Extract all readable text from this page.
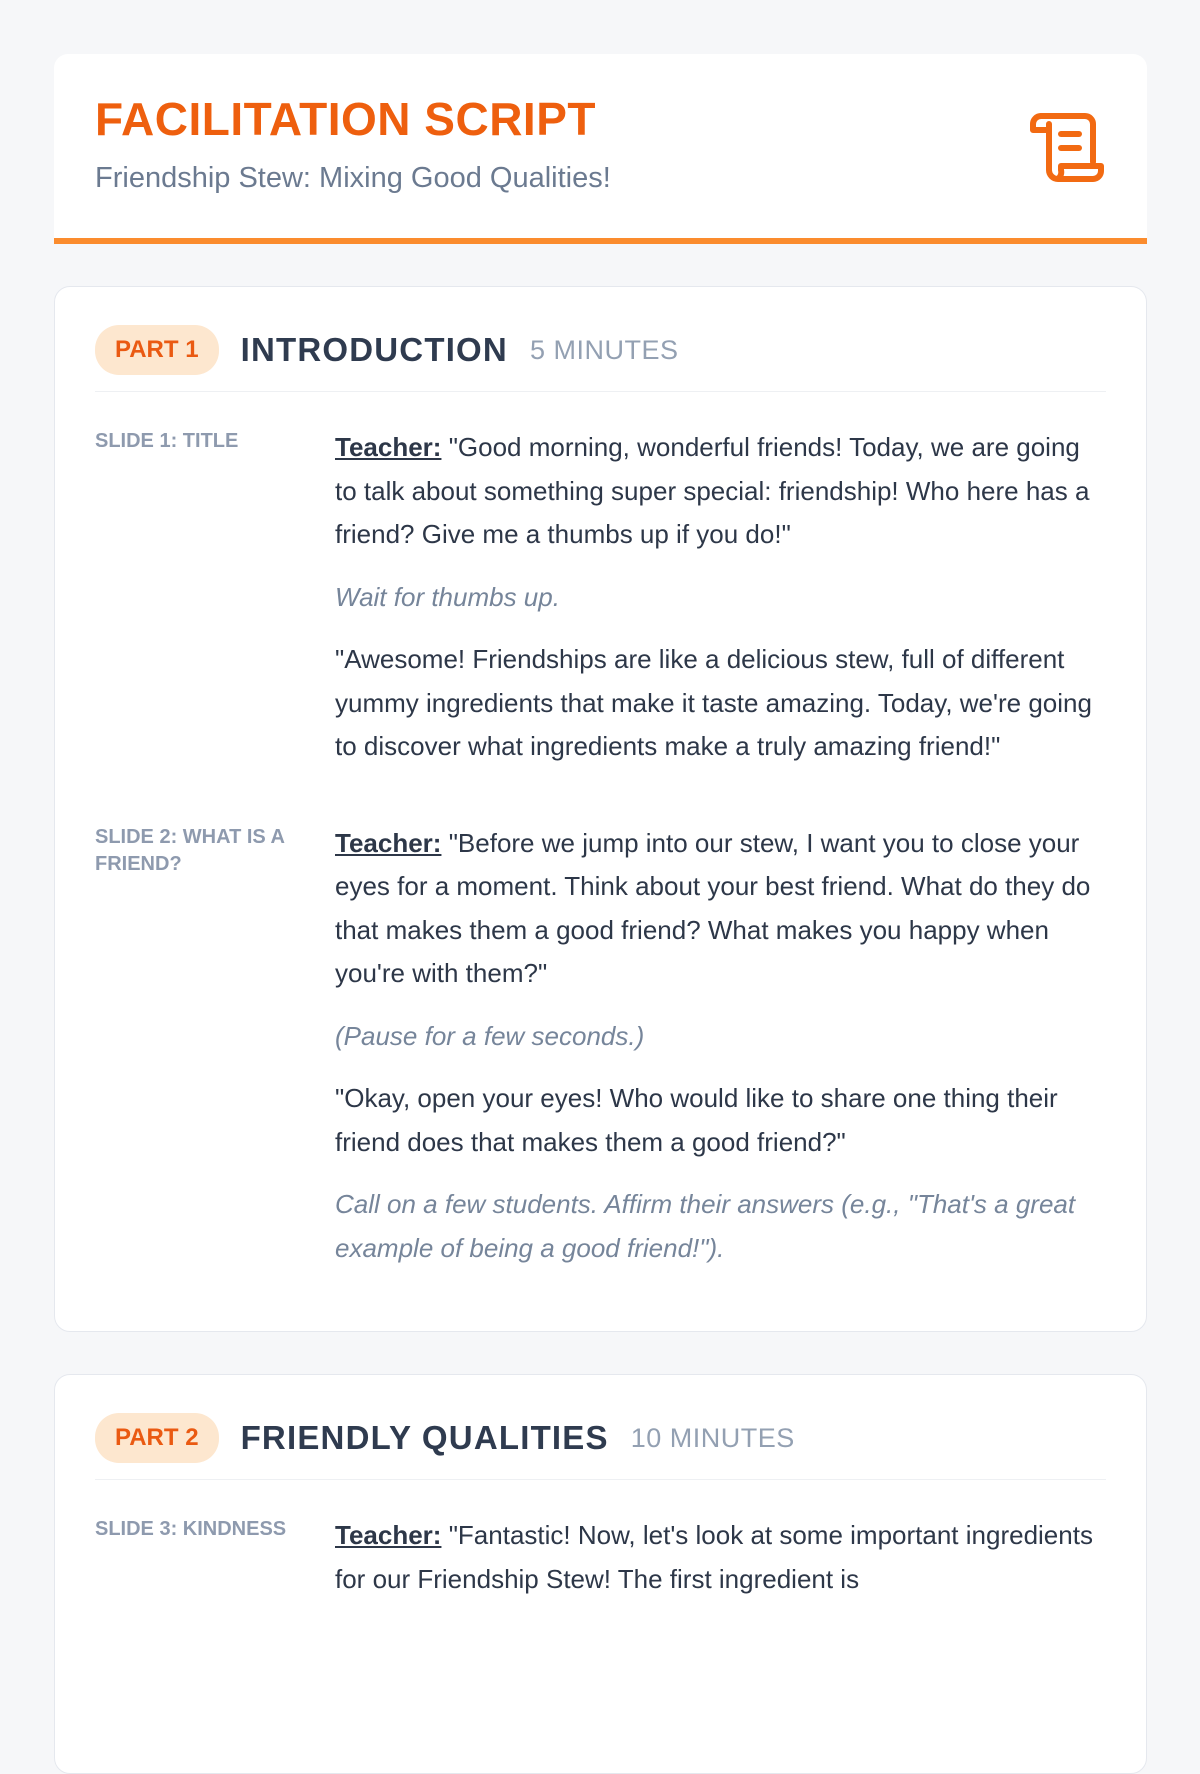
FACILITATION SCRIPT
Friendship Stew: Mixing Good Qualities!
PART 1	INTRODUCTION 5 MINUTES
SLIDE 1: TITLE	Teacher: "Good morning, wonderful friends! Today, we are going to talk about something super special: friendship! Who here has a friend? Give me a thumbs up if you do!"

Wait for thumbs up.

"Awesome! Friendships are like a delicious stew, full of different yummy ingredients that make it taste amazing. Today, we're going to discover what ingredients make a truly amazing friend!"

SLIDE 2: WHAT IS A FRIEND?

Teacher: "Before we jump into our stew, I want you to close your eyes for a moment. Think about your best friend. What do they do that makes them a good friend? What makes you happy when you're with them?"

(Pause for a few seconds.)

"Okay, open your eyes! Who would like to share one thing their friend does that makes them a good friend?"

Call on a few students. Affirm their answers (e.g., "That's a great example of being a good friend!").

PART 2	FRIENDLY QUALITIES 10 MINUTES
SLIDE 3: KINDNESS	Teacher: "Fantastic! Now, let's look at some important ingredients for our Friendship Stew! The first ingredient is
